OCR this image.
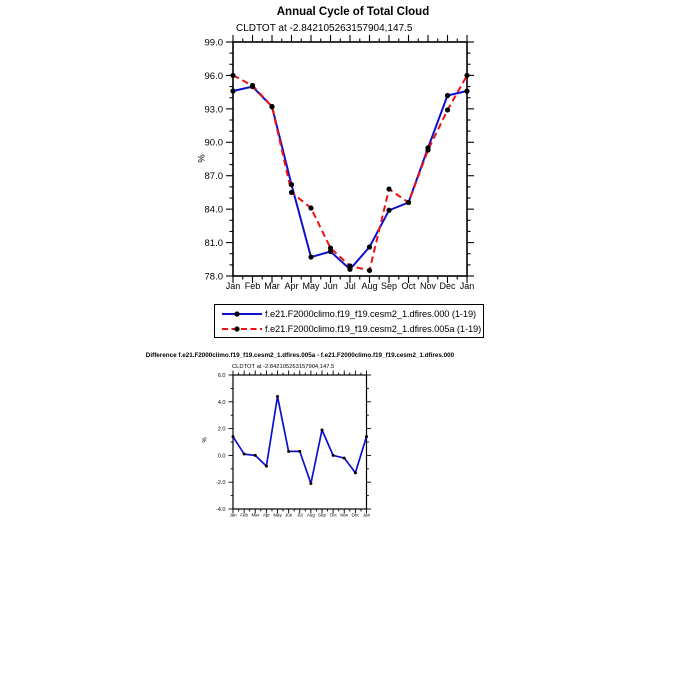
Annual Cycle of Total Cloud
CLDTOT at -2.842105263157904,147.5
%
78.0
81.0
84.0
87.0
90.0
93.0
96.0
99.0
Jan Feb Mar Apr May Jun Jul Aug Sep Oct Nov Dec Jan
-4.0
-2.0
0.0
2.0
4.0
6.0
Jan Feb Mar Apr May Jun Jul Aug Sep Oct Nov Dec Jan
f.e21.F2000climo.f19_f19.cesm2_1.dfires.000 (1-19)
f.e21.F2000climo.f19_f19.cesm2_1.dfires.005a (1-19)
Difference f.e21.F2000climo.f19_f19.cesm2_1.dfires.005a - f.e21.F2000climo.f19_f19.cesm2_1.dfires.000
CLDTOT at -2.842105263157904,147.5
%
